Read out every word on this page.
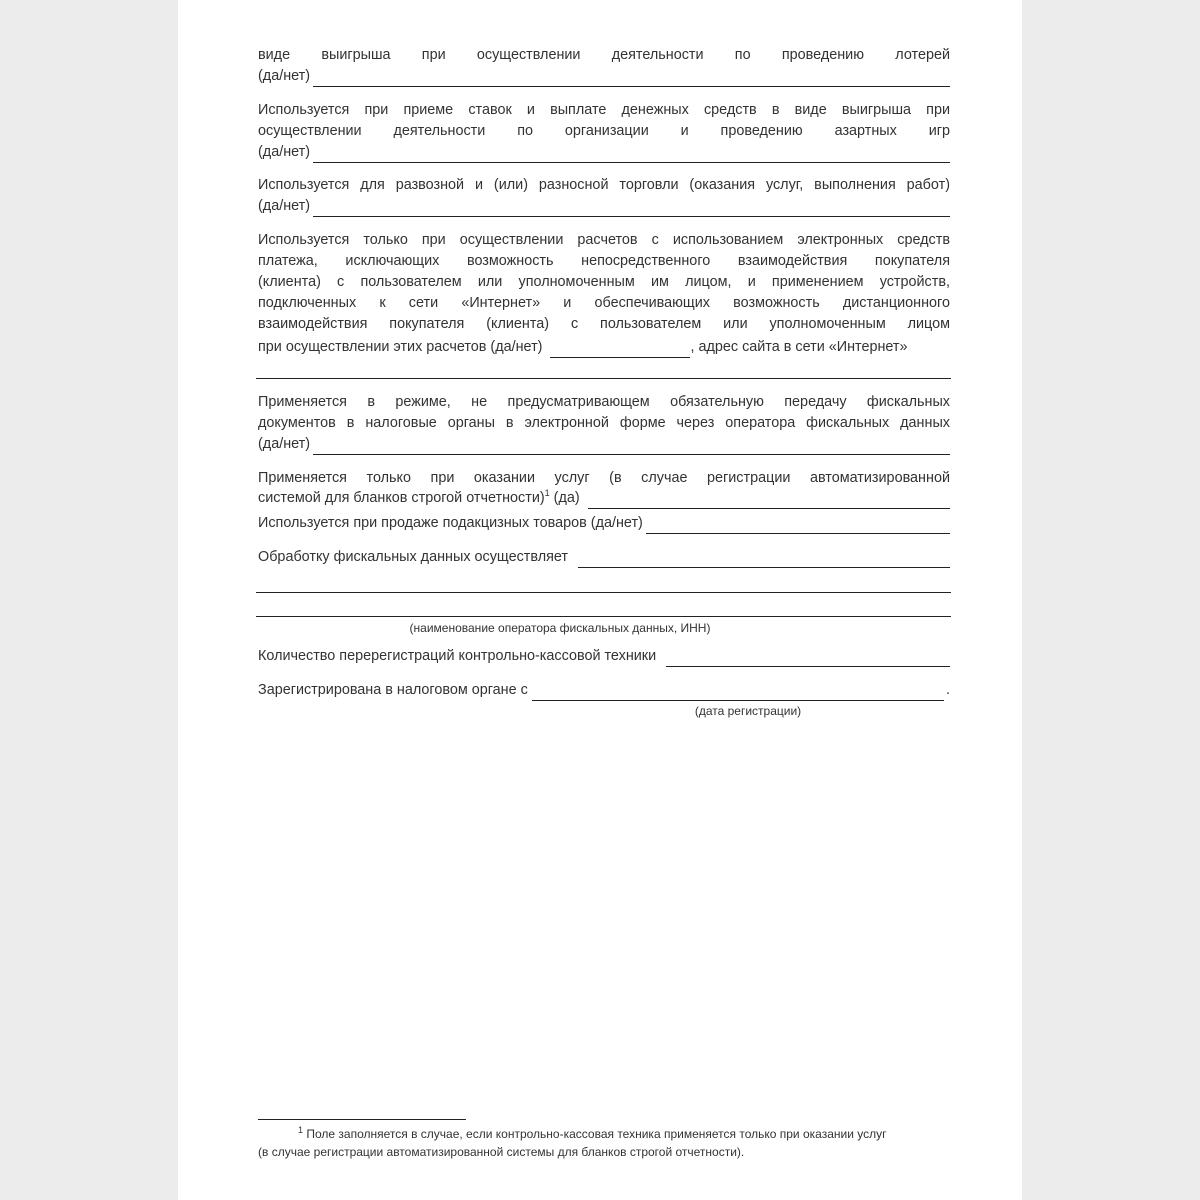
виде выигрыша при осуществлении деятельности по проведению лотерей
(да/нет)
Используется при приеме ставок и выплате денежных средств в виде выигрыша при
осуществлении деятельности по организации и проведению азартных игр
(да/нет)
Используется для развозной и (или) разносной торговли (оказания услуг, выполнения работ)
(да/нет)
Используется только при осуществлении расчетов с использованием электронных средств
платежа, исключающих возможность непосредственного взаимодействия покупателя
(клиента) с пользователем или уполномоченным им лицом, и применением устройств,
подключенных к сети «Интернет» и обеспечивающих возможность дистанционного
взаимодействия покупателя (клиента) с пользователем или уполномоченным лицом
при осуществлении этих расчетов (да/нет)	, адрес сайта в сети «Интернет»
Применяется в режиме, не предусматривающем обязательную передачу фискальных
документов в налоговые органы в электронной форме через оператора фискальных данных
(да/нет)
Применяется только при оказании услуг (в случае регистрации автоматизированной
системой для бланков строгой отчетности)$^1$ (да)
Используется при продаже подакцизных товаров (да/нет)
Обработку фискальных данных осуществляет
(наименование оператора фискальных данных, ИНН)
Количество перерегистраций контрольно-кассовой техники
Зарегистрирована в налоговом органе с	.
(дата регистрации)
$^1$ Поле заполняется в случае, если контрольно-кассовая техника применяется только при оказании услуг
(в случае регистрации автоматизированной системы для бланков строгой отчетности).
